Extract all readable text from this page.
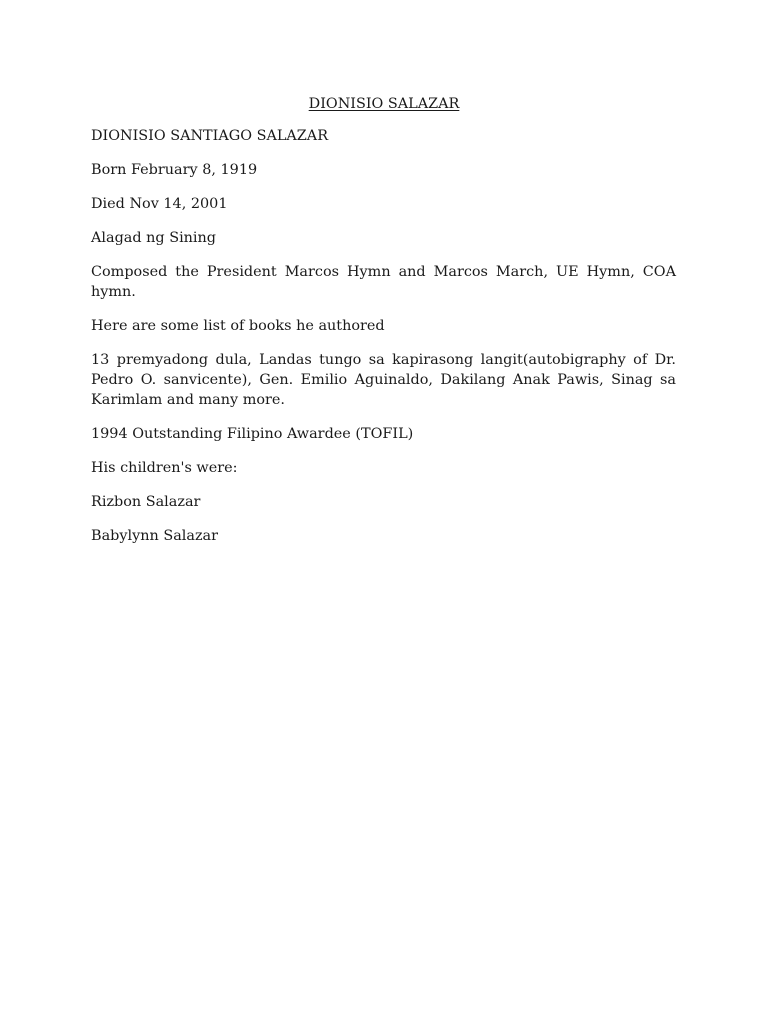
DIONISIO SALAZAR

DIONISIO SANTIAGO SALAZAR

Born February 8, 1919

Died Nov 14, 2001

Alagad ng Sining

Composed the President Marcos Hymn and Marcos March, UE Hymn, COA hymn.

Here are some list of books he authored

13 premyadong dula, Landas tungo sa kapirasong langit(autobigraphy of Dr. Pedro O. sanvicente), Gen. Emilio Aguinaldo, Dakilang Anak Pawis, Sinag sa Karimlam and many more.

1994 Outstanding Filipino Awardee (TOFIL)

His children's were:

Rizbon Salazar

Babylynn Salazar
